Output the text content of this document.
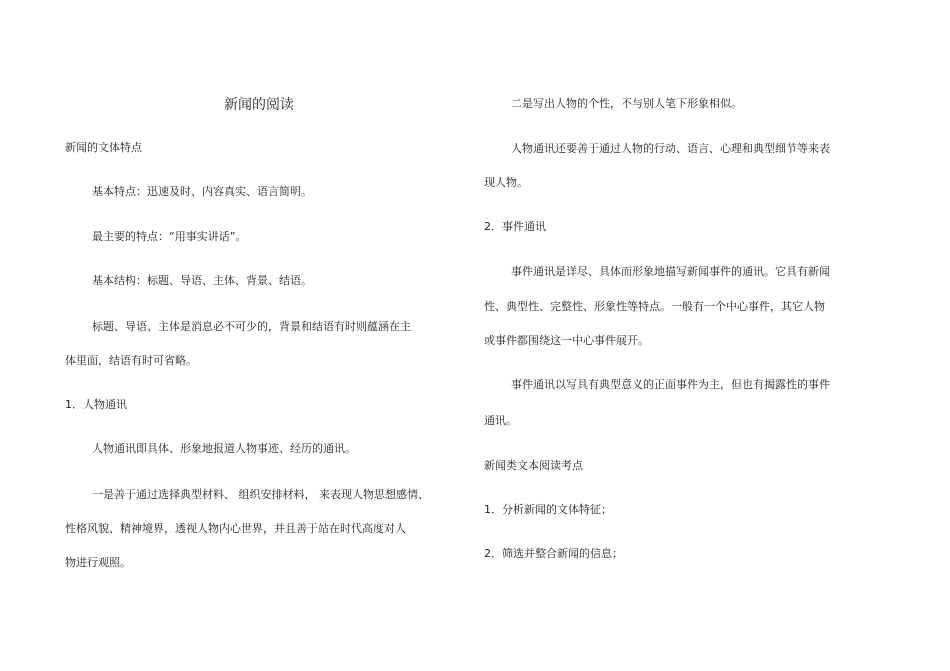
新闻的阅读
新闻的文体特点
基本特点：迅速及时、内容真实、语言简明。
最主要的特点：“用事实讲话”。
基本结构：标题、导语、主体、背景、结语。
标题、导语、主体是消息必不可少的，背景和结语有时则蕴涵在主
体里面，结语有时可省略。
1．人物通讯
人物通讯即具体、形象地报道人物事迹、经历的通讯。
一是善于通过选择典型材料、 组织安排材料， 来表现人物思想感情、
性格风貌、精神境界，透视人物内心世界，并且善于站在时代高度对人
物进行观照。
二是写出人物的个性，不与别人笔下形象相似。
人物通讯还要善于通过人物的行动、语言、心理和典型细节等来表
现人物。
2．事件通讯
事件通讯是详尽、具体而形象地描写新闻事件的通讯。它具有新闻
性、典型性、完整性、形象性等特点。一般有一个中心事件，其它人物
或事件都围绕这一中心事件展开。
事件通讯以写具有典型意义的正面事件为主，但也有揭露性的事件
通讯。
新闻类文本阅读考点
1．分析新闻的文体特征；
2．筛选并整合新闻的信息；
